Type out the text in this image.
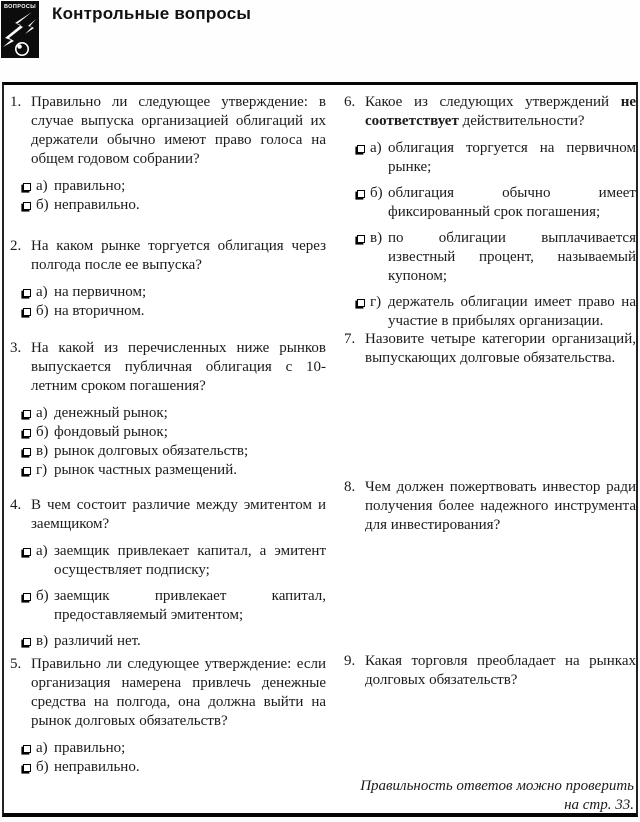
ВОПРОСЫ Контрольные вопросы
1. Правильно ли следующее утверждение: в случае выпуска организацией облигаций их держатели обычно имеют право голоса на общем годовом собрании?
а) правильно;
б) неправильно.
2. На каком рынке торгуется облигация через полгода после ее выпуска?
а) на первичном;
б) на вторичном.
3. На какой из перечисленных ниже рынков выпускается публичная облигация с 10-летним сроком погашения?
а) денежный рынок;
б) фондовый рынок;
в) рынок долговых обязательств;
г) рынок частных размещений.
4. В чем состоит различие между эмитентом и заемщиком?
а) заемщик привлекает капитал, а эмитент осуществляет подписку;
б) заемщик привлекает капитал, предоставляемый эмитентом;
в) различий нет.
5. Правильно ли следующее утверждение: если организация намерена привлечь денежные средства на полгода, она должна выйти на рынок долговых обязательств?
а) правильно;
б) неправильно.
6. Какое из следующих утверждений не соответствует действительности?
а) облигация торгуется на первичном рынке;
б) облигация обычно имеет фиксированный срок погашения;
в) по облигации выплачивается известный процент, называемый купоном;
г) держатель облигации имеет право на участие в прибылях организации.
7. Назовите четыре категории организаций, выпускающих долговые обязательства.
8. Чем должен пожертвовать инвестор ради получения более надежного инструмента для инвестирования?
9. Какая торговля преобладает на рынках долговых обязательств?
Правильность ответов можно проверить на стр. 33.
